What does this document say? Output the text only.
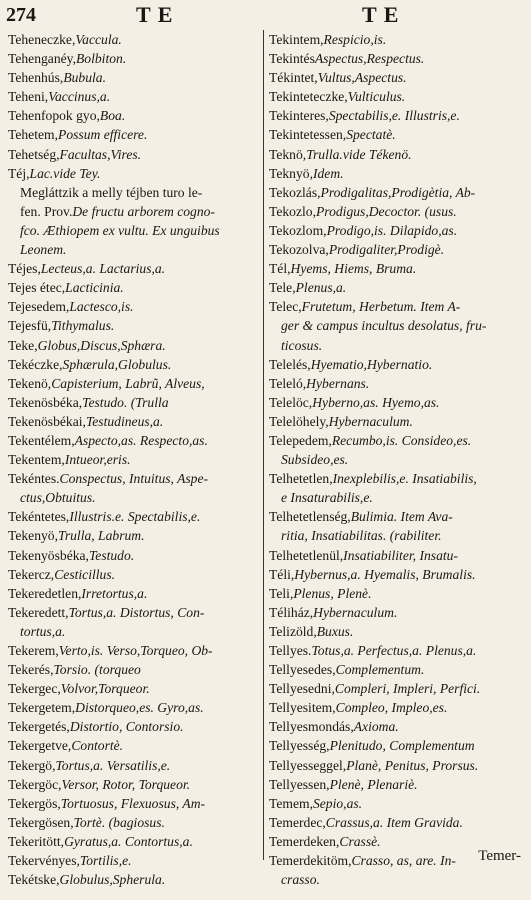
274	T E	T E
Teheneczke,Vaccula.
Tehenganéy,Bolbiton.
Tehenhús,Bubula.
Teheni,Vaccinus,a.
Tehenfopok gyo,Boa.
Tehetem,Possum efficere.
Tehetség,Facultas,Vires.
Téj,Lac.vide Tey.
Megláttzik a melly téjben turo le-
fen. Prov.De fructu arborem cogno-
fco. Æthiopem ex vultu. Ex unguibus
Leonem.
Téjes,Lecteus,a. Lactarius,a.
Tejes étec,Lacticinia.
Tejesedem,Lactesco,is.
Tejesfü,Tithymalus.
Teke,Globus,Discus,Sphæra.
Tekéczke,Sphærula,Globulus.
Tekenö,Capisterium, Labrũ, Alveus,
Tekenösbéka,Testudo. (Trulla
Tekenösbékai,Testudineus,a.
Tekentélem,Aspecto,as. Respecto,as.
Tekentem,Intueor,eris.
Tekéntes.Conspectus, Intuitus, Aspe-
ctus,Obtuitus.
Tekéntetes,Illustris.e. Spectabilis,e.
Tekenyö,Trulla, Labrum.
Tekenyösbéka,Testudo.
Tekercz,Cesticillus.
Tekeredetlen,Irretortus,a.
Tekeredett,Tortus,a. Distortus, Con-
tortus,a.
Tekerem,Verto,is. Verso,Torqueo, Ob-
Tekerés,Torsio. (torqueo
Tekergec,Volvor,Torqueor.
Tekergetem,Distorqueo,es. Gyro,as.
Tekergetés,Distortio, Contorsio.
Tekergetve,Contortè.
Tekergö,Tortus,a. Versatilis,e.
Tekergöc,Versor, Rotor, Torqueor.
Tekergös,Tortuosus, Flexuosus, Am-
Tekergösen,Tortè. (bagiosus.
Tekeritött,Gyratus,a. Contortus,a.
Tekervényes,Tortilis,e.
Tekétske,Globulus,Spherula.
Tekintem,Respicio,is.
TekintésAspectus,Respectus.
Tékintet,Vultus,Aspectus.
Tekinteteczke,Vulticulus.
Tekinteres,Spectabilis,e. Illustris,e.
Tekintetessen,Spectatè.
Teknö,Trulla.vide Tékenö.
Teknyö,Idem.
Tekozlás,Prodigalitas,Prodigètia, Ab-
Tekozlo,Prodigus,Decoctor. (usus.
Tekozlom,Prodigo,is. Dilapido,as.
Tekozolva,Prodigaliter,Prodigè.
Tél,Hyems, Hiems, Bruma.
Tele,Plenus,a.
Telec,Frutetum, Herbetum. Item A-
ger & campus incultus desolatus, fru-
ticosus.
Telelés,Hyematio,Hybernatio.
Teleló,Hybernans.
Telelöc,Hyberno,as. Hyemo,as.
Telelöhely,Hybernaculum.
Telepedem,Recumbo,is. Consideo,es.
Subsideo,es.
Telhetetlen,Inexplebilis,e. Insatiabilis,
e Insaturabilis,e.
Telhetetlenség,Bulimia. Item Ava-
ritia, Insatiabilitas. (rabiliter.
Telhetetlenül,Insatiabiliter, Insatu-
Téli,Hybernus,a. Hyemalis, Brumalis.
Teli,Plenus, Plenè.
Téliház,Hybernaculum.
Telizöld,Buxus.
Tellyes.Totus,a. Perfectus,a. Plenus,a.
Tellyesedes,Complementum.
Tellyesedni,Compleri, Impleri, Perfici.
Tellyesitem,Compleo, Impleo,es.
Tellyesmondás,Axioma.
Tellyesség,Plenitudo, Complementum
Tellyesseggel,Planè, Penitus, Prorsus.
Tellyessen,Plenè, Plenariè.
Temem,Sepio,as.
Temerdec,Crassus,a. Item Gravida.
Temerdeken,Crassè.
Temerdekitöm,Crasso, as, are. In-
crasso.
Temer-
